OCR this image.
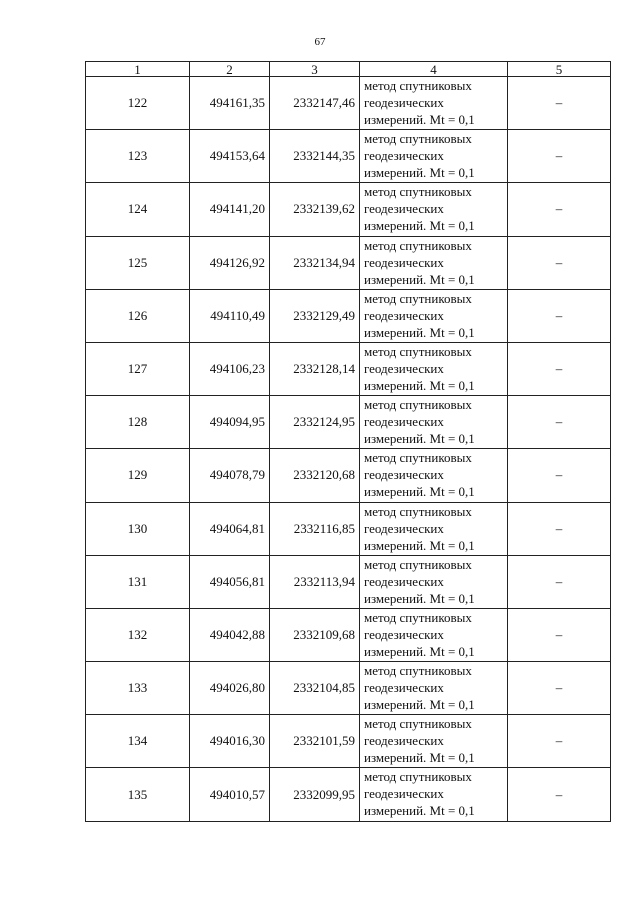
67
1	2	3	4	5
122	494161,35	2332147,46	метод спутниковых
геодезических
измерений. Mt = 0,1	–
123	494153,64	2332144,35	метод спутниковых
геодезических
измерений. Mt = 0,1	–
124	494141,20	2332139,62	метод спутниковых
геодезических
измерений. Mt = 0,1	–
125	494126,92	2332134,94	метод спутниковых
геодезических
измерений. Mt = 0,1	–
126	494110,49	2332129,49	метод спутниковых
геодезических
измерений. Mt = 0,1	–
127	494106,23	2332128,14	метод спутниковых
геодезических
измерений. Mt = 0,1	–
128	494094,95	2332124,95	метод спутниковых
геодезических
измерений. Mt = 0,1	–
129	494078,79	2332120,68	метод спутниковых
геодезических
измерений. Mt = 0,1	–
130	494064,81	2332116,85	метод спутниковых
геодезических
измерений. Mt = 0,1	–
131	494056,81	2332113,94	метод спутниковых
геодезических
измерений. Mt = 0,1	–
132	494042,88	2332109,68	метод спутниковых
геодезических
измерений. Mt = 0,1	–
133	494026,80	2332104,85	метод спутниковых
геодезических
измерений. Mt = 0,1	–
134	494016,30	2332101,59	метод спутниковых
геодезических
измерений. Mt = 0,1	–
135	494010,57	2332099,95	метод спутниковых
геодезических
измерений. Mt = 0,1	–
